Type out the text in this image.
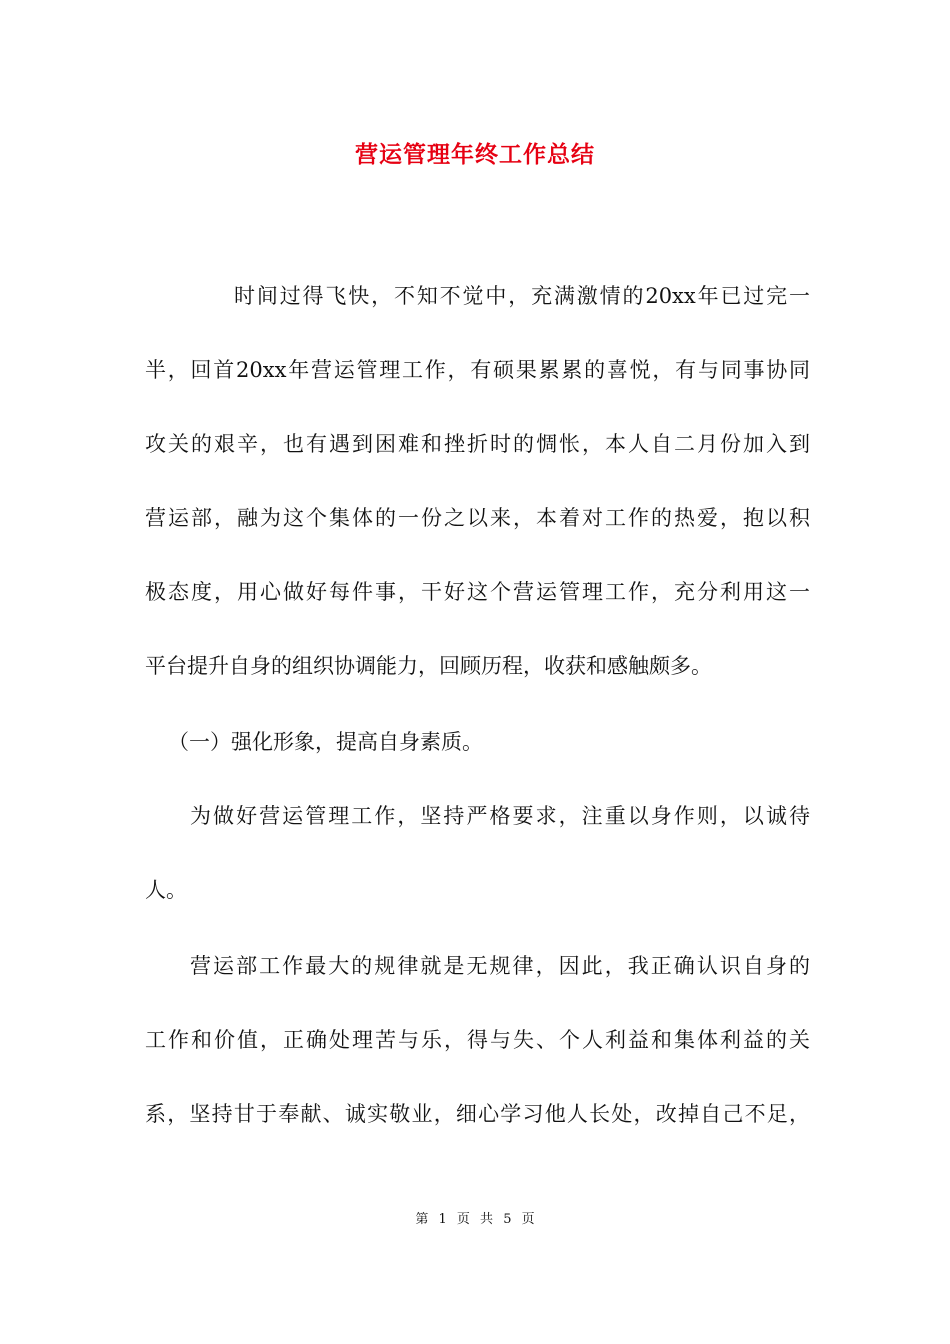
营运管理年终工作总结
时间过得飞快，不知不觉中，充满激情的20xx年已过完一
半，回首20xx年营运管理工作，有硕果累累的喜悦，有与同事协同
攻关的艰辛，也有遇到困难和挫折时的惆怅，本人自二月份加入到
营运部，融为这个集体的一份之以来，本着对工作的热爱，抱以积
极态度，用心做好每件事，干好这个营运管理工作，充分利用这一
平台提升自身的组织协调能力，回顾历程，收获和感触颇多。
（一）强化形象，提高自身素质。
为做好营运管理工作，坚持严格要求，注重以身作则，以诚待
人。
营运部工作最大的规律就是无规律，因此，我正确认识自身的
工作和价值，正确处理苦与乐，得与失、个人利益和集体利益的关
系，坚持甘于奉献、诚实敬业，细心学习他人长处，改掉自己不足，
第 1 页 共 5 页
